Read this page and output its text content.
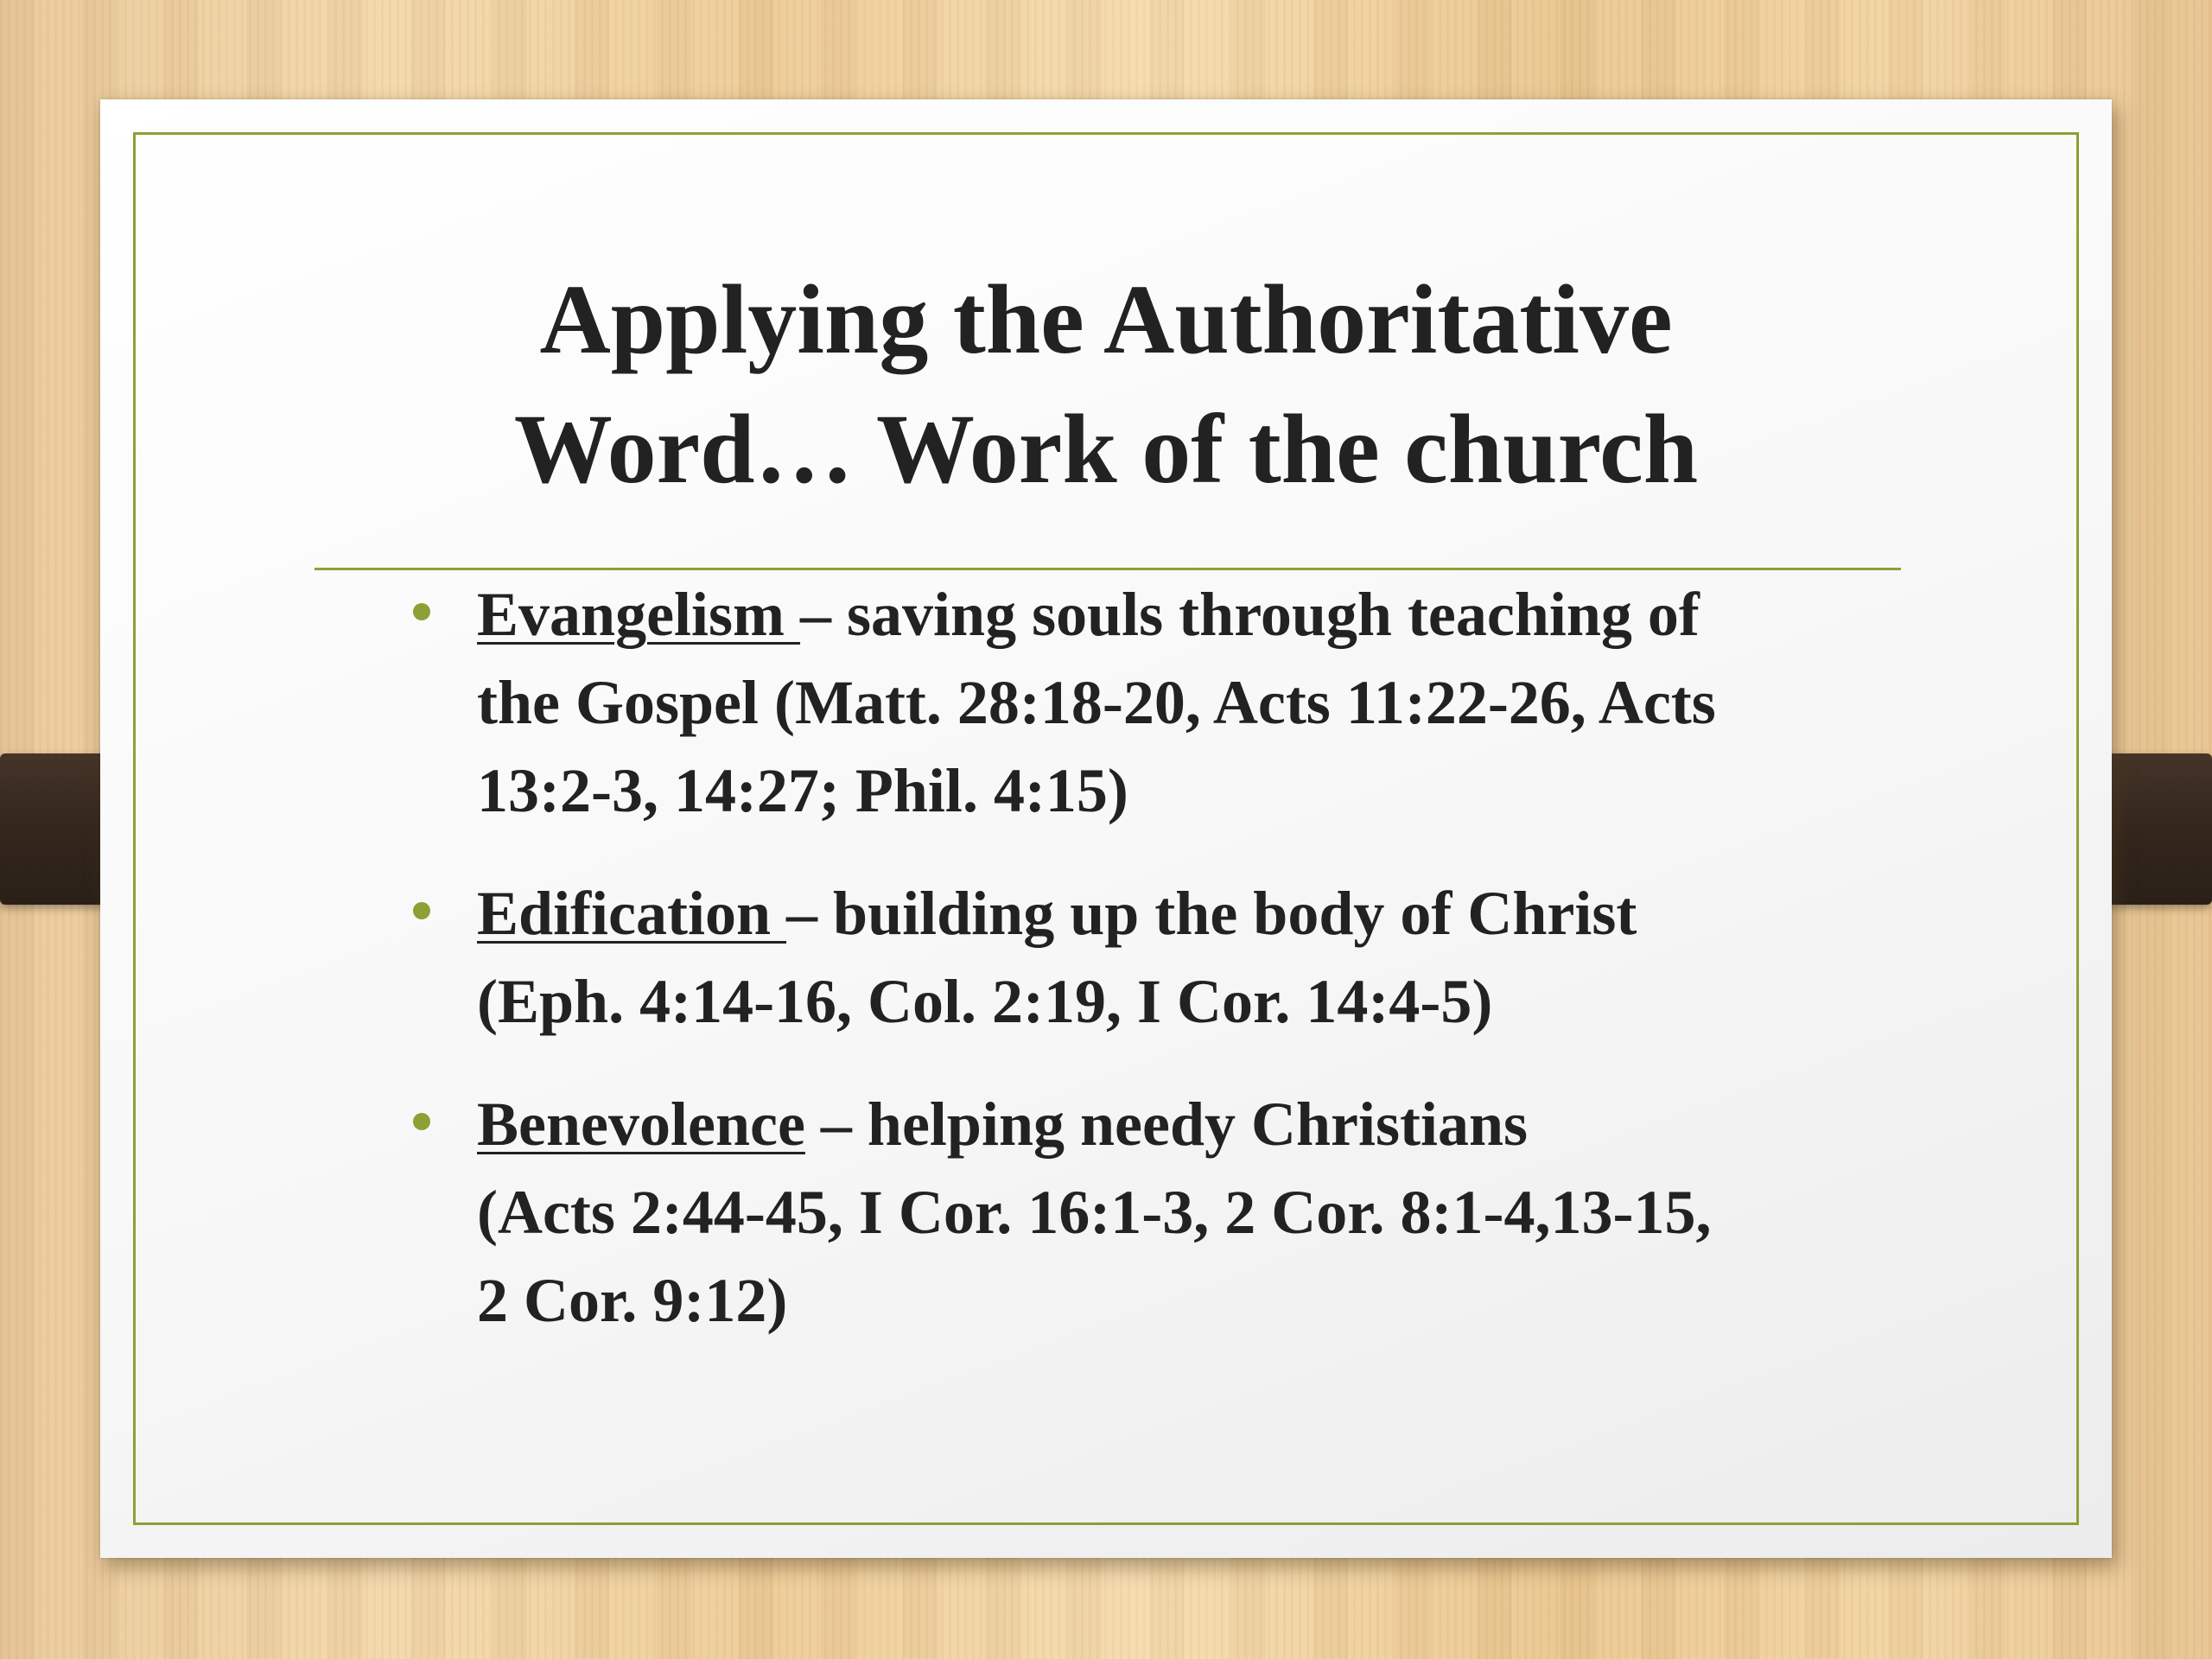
Applying the Authoritative
Word… Work of the church
Evangelism – saving souls through teaching of
the Gospel (Matt. 28:18-20, Acts 11:22-26, Acts
13:2-3, 14:27; Phil. 4:15)
Edification – building up the body of Christ
(Eph. 4:14-16, Col. 2:19, I Cor. 14:4-5)
Benevolence – helping needy Christians
(Acts 2:44-45, I Cor. 16:1-3, 2 Cor. 8:1-4,13-15,
2 Cor. 9:12)
